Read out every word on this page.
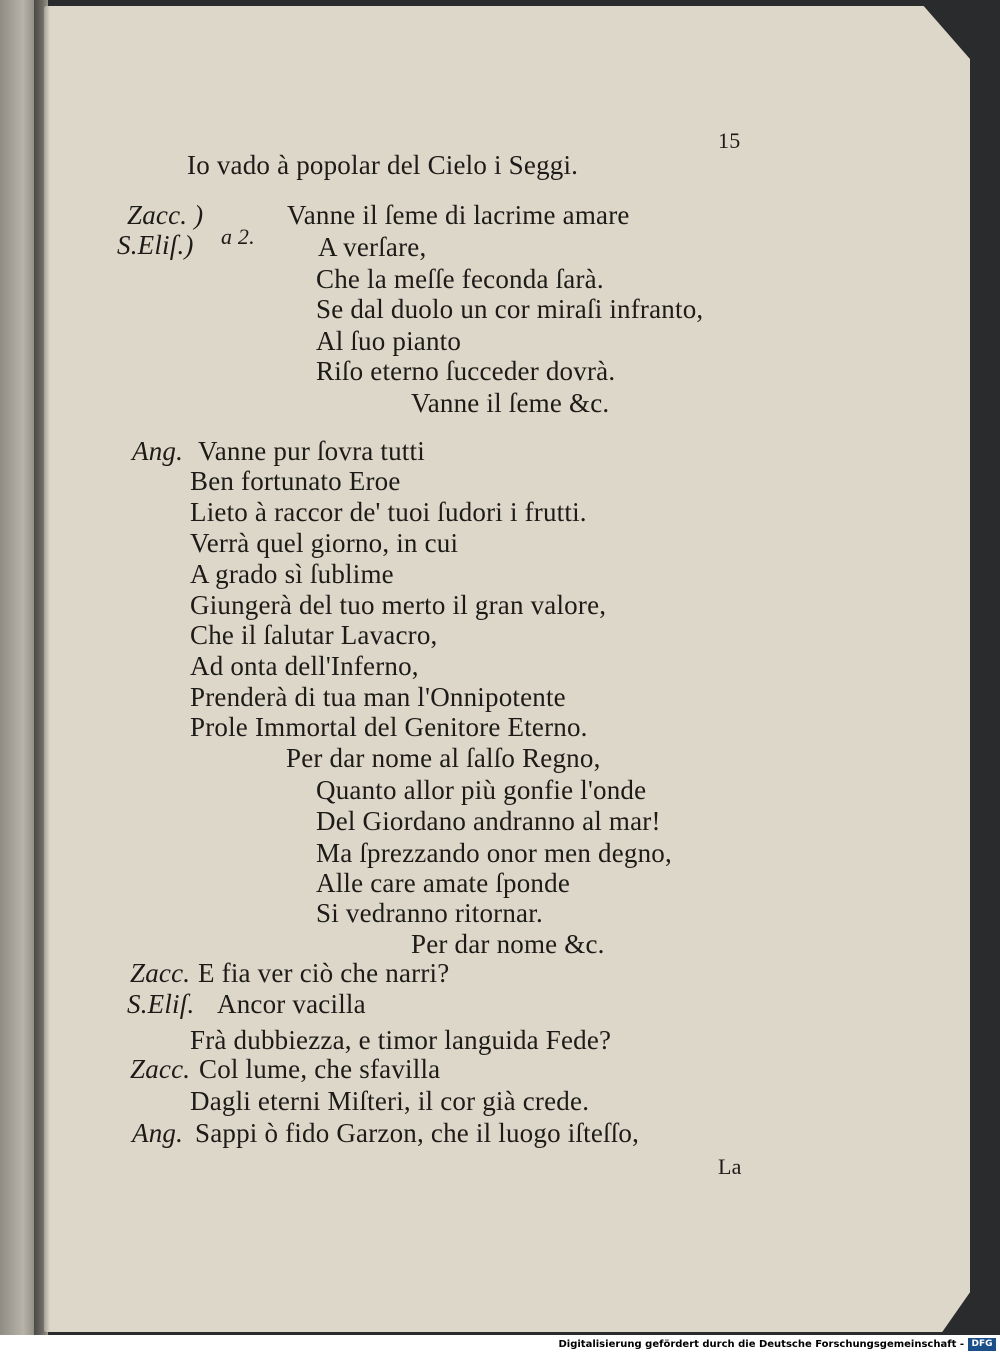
15
Io vado à popolar del Cielo i Seggi.
Zacc. )	Vanne il ſeme di lacrime amare
S.Eliſ.) a 2. A verſare,
Che la meſſe feconda ſarà.
Se dal duolo un cor miraſi infranto,
Al ſuo pianto
Riſo eterno ſucceder dovrà.
Vanne il ſeme &c.
Ang. Vanne pur ſovra tutti
Ben fortunato Eroe
Lieto à raccor de' tuoi ſudori i frutti.
Verrà quel giorno, in cui
A grado sì ſublime
Giungerà del tuo merto il gran valore,
Che il ſalutar Lavacro,
Ad onta dell'Inferno,
Prenderà di tua man l'Onnipotente
Prole Immortal del Genitore Eterno.
Per dar nome al ſalſo Regno,
Quanto allor più gonfie l'onde
Del Giordano andranno al mar!
Ma ſprezzando onor men degno,
Alle care amate ſponde
Si vedranno ritornar.
Per dar nome &c.
Zacc. E fia ver ciò che narri?
S.Eliſ. Ancor vacilla
Frà dubbiezza, e timor languida Fede?
Zacc. Col lume, che sfavilla
Dagli eterni Miſteri, il cor già crede.
Ang. Sappi ò fido Garzon, che il luogo iſteſſo,
La
Digitalisierung gefördert durch die Deutsche Forschungsgemeinschaft - DFG
